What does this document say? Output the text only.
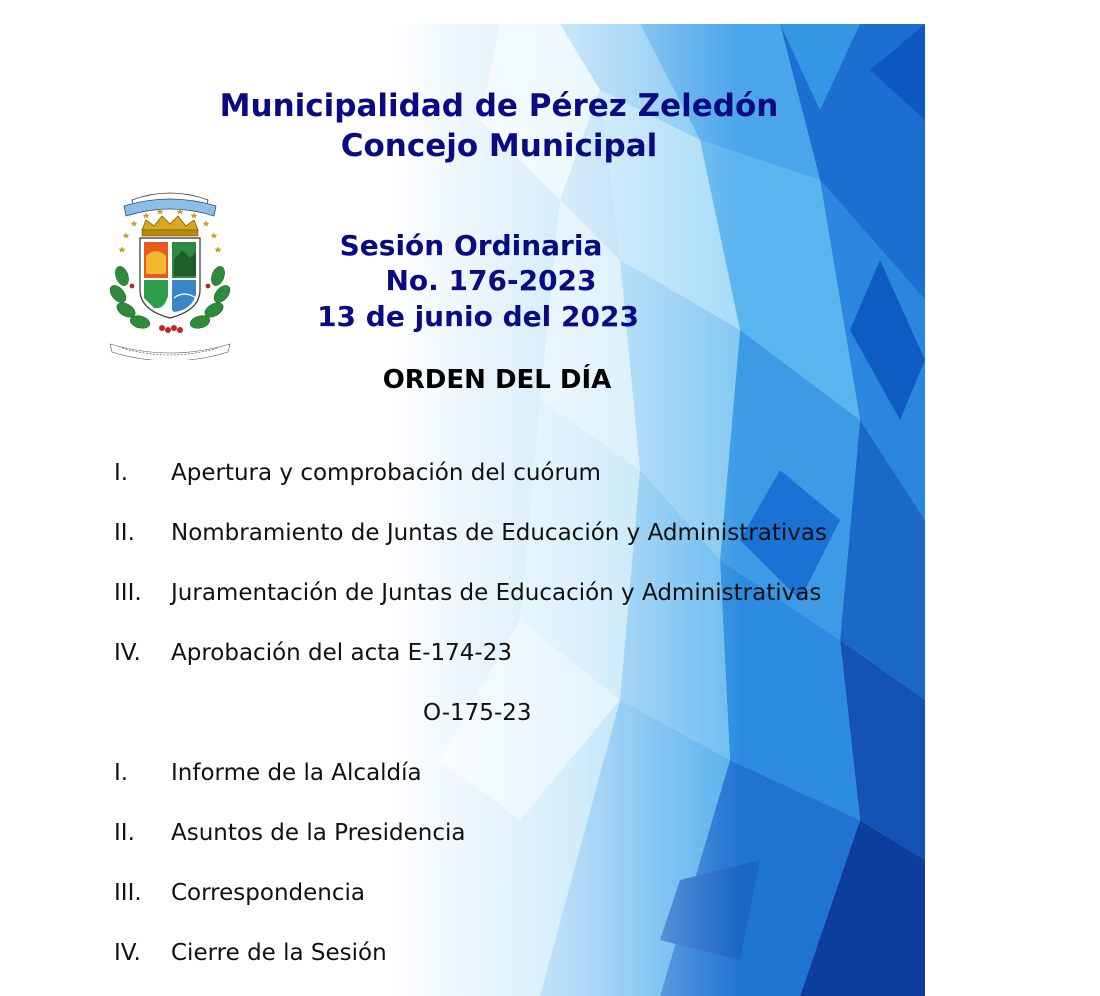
Municipalidad de Pérez Zeledón
Concejo Municipal
Sesión Ordinaria
No. 176-2023
13 de junio del 2023
ORDEN DEL DÍA
I. Apertura y comprobación del cuórum
II. Nombramiento de Juntas de Educación y Administrativas
III. Juramentación de Juntas de Educación y Administrativas
IV. Aprobación del acta E-174-23
O-175-23
I. Informe de la Alcaldía
II. Asuntos de la Presidencia
III. Correspondencia
IV. Cierre de la Sesión
